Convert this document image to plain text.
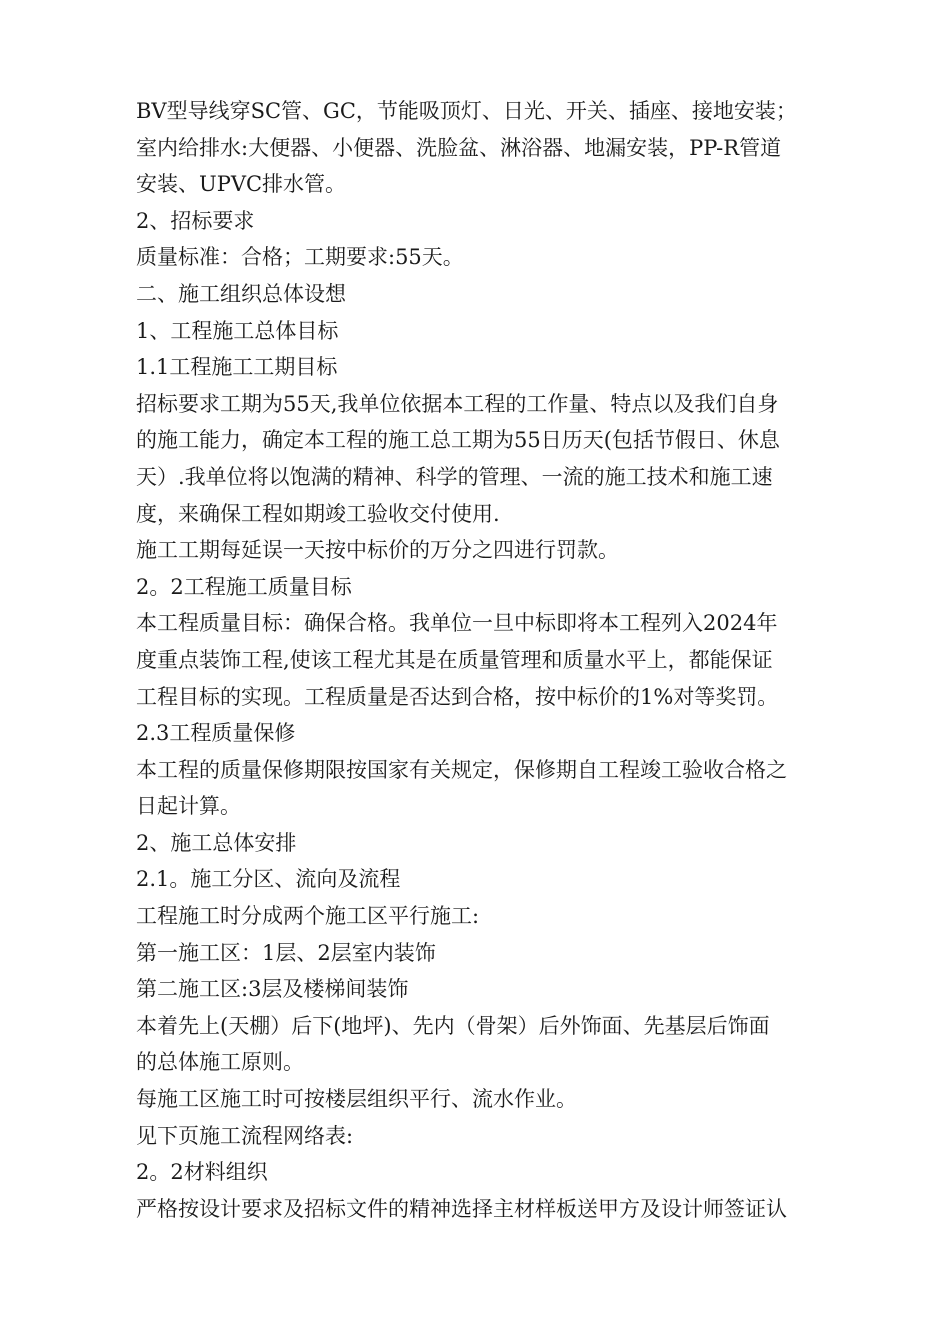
BV型导线穿SC管、GC，节能吸顶灯、日光、开关、插座、接地安装；
室内给排水:大便器、小便器、洗脸盆、淋浴器、地漏安装，PP-R管道
安装、UPVC排水管。
2、招标要求
质量标准：合格；工期要求:55天。
二、施工组织总体设想
1、工程施工总体目标
1.1工程施工工期目标
招标要求工期为55天,我单位依据本工程的工作量、特点以及我们自身
的施工能力，确定本工程的施工总工期为55日历天(包括节假日、休息
天）.我单位将以饱满的精神、科学的管理、一流的施工技术和施工速
度，来确保工程如期竣工验收交付使用.
施工工期每延误一天按中标价的万分之四进行罚款。
2。2工程施工质量目标
本工程质量目标：确保合格。我单位一旦中标即将本工程列入2024年
度重点装饰工程,使该工程尤其是在质量管理和质量水平上，都能保证
工程目标的实现。工程质量是否达到合格，按中标价的1%对等奖罚。
2.3工程质量保修
本工程的质量保修期限按国家有关规定，保修期自工程竣工验收合格之
日起计算。
2、施工总体安排
2.1。施工分区、流向及流程
工程施工时分成两个施工区平行施工:
第一施工区：1层、2层室内装饰
第二施工区:3层及楼梯间装饰
本着先上(天棚）后下(地坪)、先内（骨架）后外饰面、先基层后饰面
的总体施工原则。
每施工区施工时可按楼层组织平行、流水作业。
见下页施工流程网络表:
2。2材料组织
严格按设计要求及招标文件的精神选择主材样板送甲方及设计师签证认
